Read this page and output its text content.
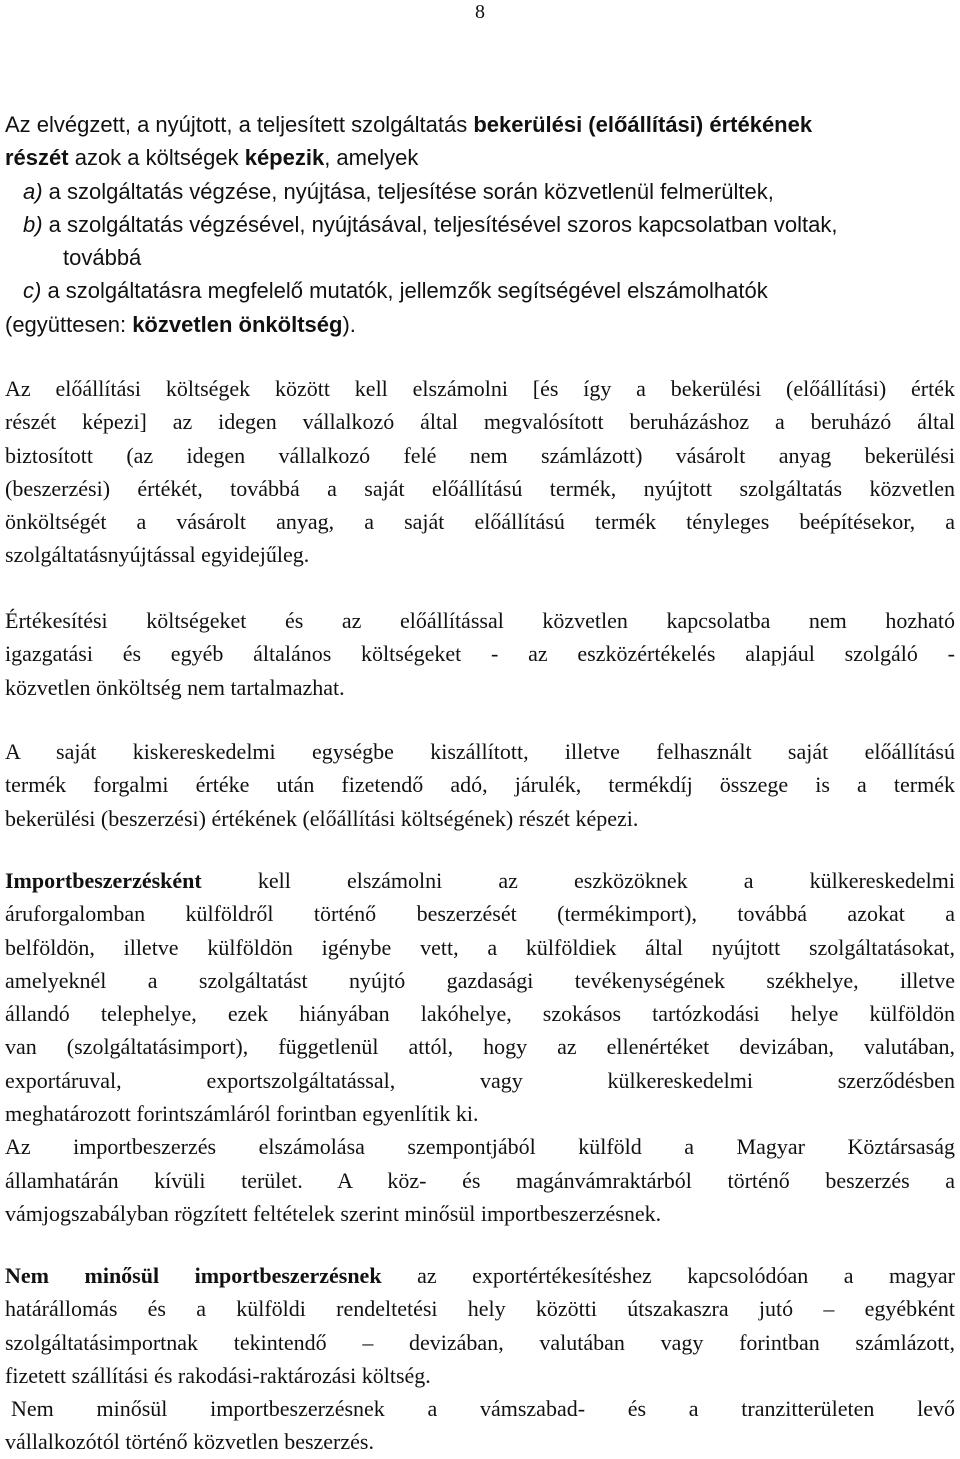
8
Az elvégzett, a nyújtott, a teljesített szolgáltatás bekerülési (előállítási) értékének
részét azok a költségek képezik, amelyek
a) a szolgáltatás végzése, nyújtása, teljesítése során közvetlenül felmerültek,
b) a szolgáltatás végzésével, nyújtásával, teljesítésével szoros kapcsolatban voltak,
továbbá
c) a szolgáltatásra megfelelő mutatók, jellemzők segítségével elszámolhatók
(együttesen: közvetlen önköltség).
Az előállítási költségek között kell elszámolni [és így a bekerülési (előállítási) érték
részét képezi] az idegen vállalkozó által megvalósított beruházáshoz a beruházó által
biztosított (az idegen vállalkozó felé nem számlázott) vásárolt anyag bekerülési
(beszerzési) értékét, továbbá a saját előállítású termék, nyújtott szolgáltatás közvetlen
önköltségét a vásárolt anyag, a saját előállítású termék tényleges beépítésekor, a
szolgáltatásnyújtással egyidejűleg.
Értékesítési költségeket és az előállítással közvetlen kapcsolatba nem hozható
igazgatási és egyéb általános költségeket - az eszközértékelés alapjául szolgáló -
közvetlen önköltség nem tartalmazhat.
A saját kiskereskedelmi egységbe kiszállított, illetve felhasznált saját előállítású
termék forgalmi értéke után fizetendő adó, járulék, termékdíj összege is a termék
bekerülési (beszerzési) értékének (előállítási költségének) részét képezi.
Importbeszerzésként kell elszámolni az eszközöknek a külkereskedelmi
áruforgalomban külföldről történő beszerzését (termékimport), továbbá azokat a
belföldön, illetve külföldön igénybe vett, a külföldiek által nyújtott szolgáltatásokat,
amelyeknél a szolgáltatást nyújtó gazdasági tevékenységének székhelye, illetve
állandó telephelye, ezek hiányában lakóhelye, szokásos tartózkodási helye külföldön
van (szolgáltatásimport), függetlenül attól, hogy az ellenértéket devizában, valutában,
exportáruval, exportszolgáltatással, vagy külkereskedelmi szerződésben
meghatározott forintszámláról forintban egyenlítik ki.
Az importbeszerzés elszámolása szempontjából külföld a Magyar Köztársaság
államhatárán kívüli terület. A köz- és magánvámraktárból történő beszerzés a
vámjogszabályban rögzített feltételek szerint minősül importbeszerzésnek.
Nem minősül importbeszerzésnek az exportértékesítéshez kapcsolódóan a magyar
határállomás és a külföldi rendeltetési hely közötti útszakaszra jutó – egyébként
szolgáltatásimportnak tekintendő – devizában, valutában vagy forintban számlázott,
fizetett szállítási és rakodási-raktározási költség.
Nem minősül importbeszerzésnek a vámszabad- és a tranzitterületen levő
vállalkozótól történő közvetlen beszerzés.
